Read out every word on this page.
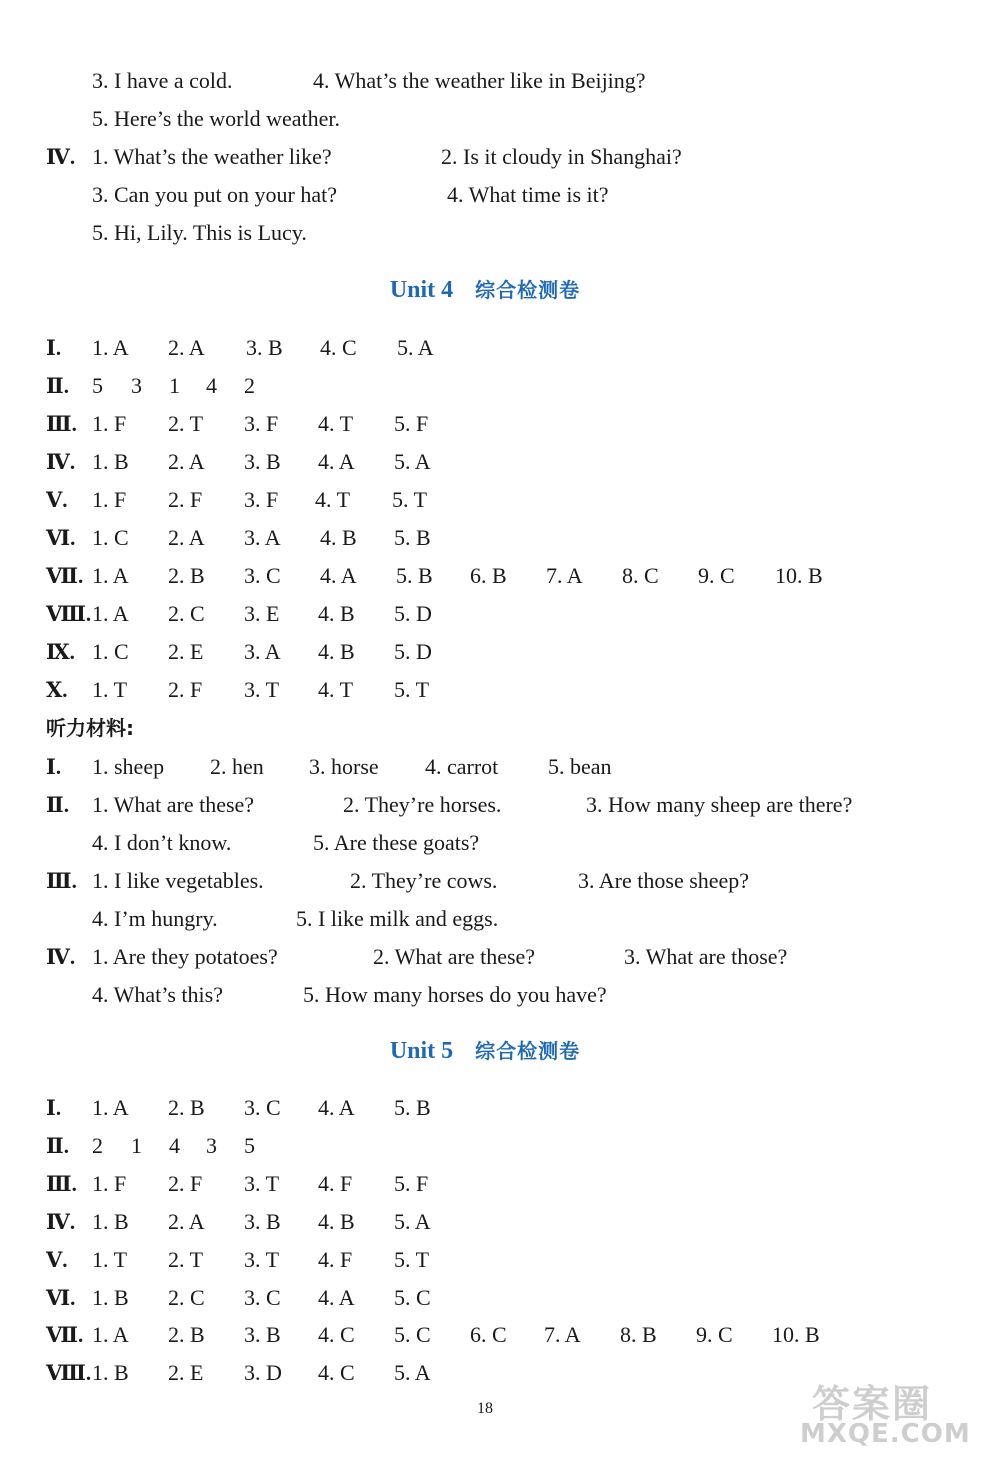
3. I have a cold.	4. What’s the weather like in Beijing?
5. Here’s the world weather.
Ⅳ. 1. What’s the weather like?	2. Is it cloudy in Shanghai?
3. Can you put on your hat?	4. What time is it?
5. Hi, Lily. This is Lucy.
Unit 4 综合检测卷
Ⅰ. 1. A 2. A 3. B 4. C 5. A
Ⅱ. 5 3 1 4 2
Ⅲ. 1. F 2. T 3. F 4. T 5. F
Ⅳ. 1. B 2. A 3. B 4. A 5. A
Ⅴ. 1. F 2. F 3. F 4. T 5. T
Ⅵ. 1. C 2. A 3. A 4. B 5. B
Ⅶ. 1. A 2. B 3. C 4. A 5. B 6. B 7. A 8. C 9. C 10. B
Ⅷ. 1. A 2. C 3. E 4. B 5. D
Ⅸ. 1. C 2. E 3. A 4. B 5. D
Ⅹ. 1. T 2. F 3. T 4. T 5. T
听力材料:
Ⅰ. 1. sheep 2. hen 3. horse 4. carrot 5. bean
Ⅱ. 1. What are these?	2. They’re horses.	3. How many sheep are there?
4. I don’t know.	5. Are these goats?
Ⅲ. 1. I like vegetables.	2. They’re cows.	3. Are those sheep?
4. I’m hungry.	5. I like milk and eggs.
Ⅳ. 1. Are they potatoes?	2. What are these?	3. What are those?
4. What’s this?	5. How many horses do you have?
Unit 5 综合检测卷
Ⅰ. 1. A 2. B 3. C 4. A 5. B
Ⅱ. 2 1 4 3 5
Ⅲ. 1. F 2. F 3. T 4. F 5. F
Ⅳ. 1. B 2. A 3. B 4. B 5. A
Ⅴ. 1. T 2. T 3. T 4. F 5. T
Ⅵ. 1. B 2. C 3. C 4. A 5. C
Ⅶ. 1. A 2. B 3. B 4. C 5. C 6. C 7. A 8. B 9. C 10. B
Ⅷ. 1. B 2. E 3. D 4. C 5. A
18	答案圈
MXQE.COM
